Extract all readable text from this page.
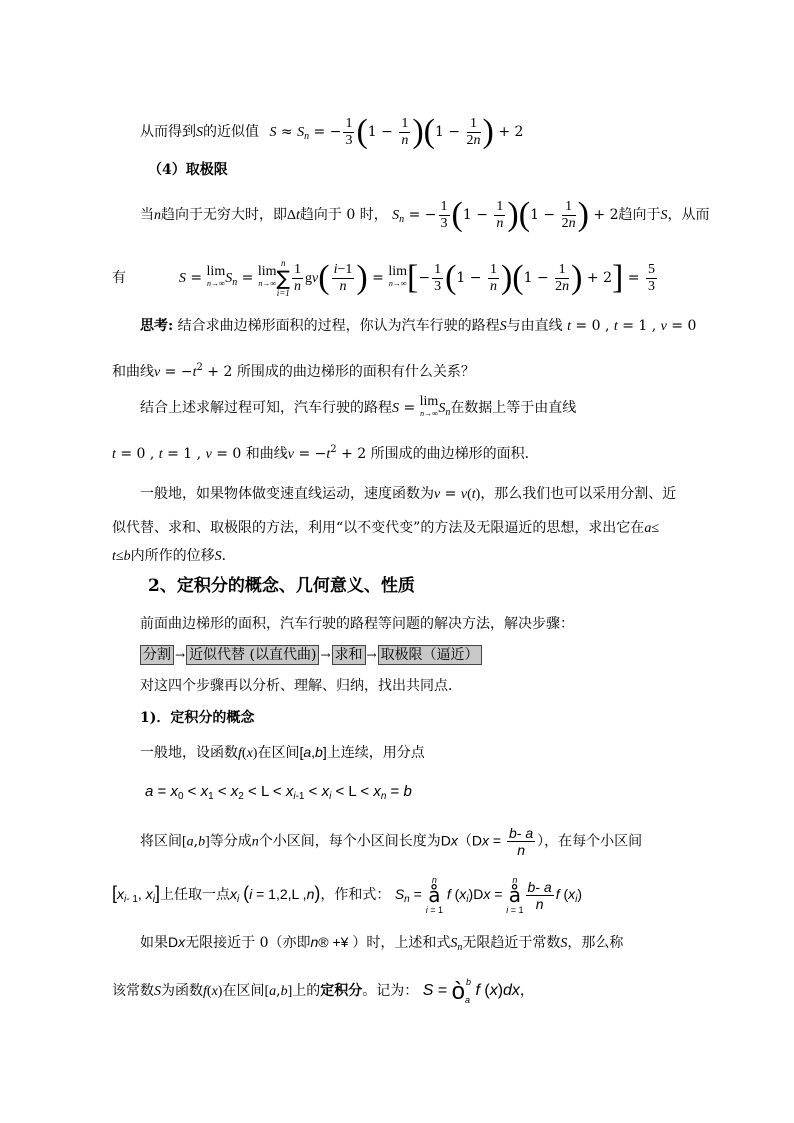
从而得到S的近似值 $S \approx S_n$ = − $\frac{1}{3} (1 - \frac{1}{n} )(1 - \frac{1}{2n}$ ) + 2
（4）取极限
当n趋向于无穷大时，即Δt趋向于 0 时， $S_n$ = − $\frac{1}{3} (1 - \frac{1}{n} )(1 - \frac{1}{2n}$ ) + 2趋向于S，从而
有	S = lim
n→∞ $S_n = \lim$
n→∞
n
∑
$i=1 \frac{1}{n} gv( \frac{i-1}{n}$ ) = lim
n→∞ [− $\frac{1}{3} (1 - \frac{1}{n} )(1 - \frac{1}{2n}$ ) + $2] = \frac{5}{3}$
思考: 结合求曲边梯形面积的过程，你认为汽车行驶的路程S与由直线 t = 0 , t = 1 , v = 0
和曲线$v = -t^2 + 2$ 所围成的曲边梯形的面积有什么关系？
结合上述求解过程可知，汽车行驶的路程S = lim
n→∞ $S_n$在数据上等于由直线
t = 0 , t = 1 , v = 0 和曲线$v = -t^2 + 2$ 所围成的曲边梯形的面积．
一般地，如果物体做变速直线运动，速度函数为v = v(t)，那么我们也可以采用分割、近
似代替、求和、取极限的方法，利用“以不变代变”的方法及无限逼近的思想，求出它在a≤
t≤b内所作的位移S．
2、定积分的概念、几何意义、性质
前面曲边梯形的面积，汽车行驶的路程等问题的解决方法，解决步骤：
分割 → 近似代替 (以直代曲) → 求和 → 取极限（逼近）
对这四个步骤再以分析、理解、归纳，找出共同点．
1)．定积分的概念
一般地，设函数f(x)在区间[a,b]上连续，用分点
$a = x_0 < x_1 < x_2 < L < x_{i-1} < x_i < L < x_n = b$
将区间[a,b]等分成n个小区间，每个小区间长度为$Dx(Dx = \frac{b- a}{n}$ ），在每个小区间
[$x_{i- 1}$, $x_i$]上任取一点$x_i$ (i = 1,2,L ,n)，作和式： $S_n$ =
n
å
i = 1
f $(x_i)Dx$ =
n
å
$i = 1 \frac{b- a}{n}$ f $(x_i)$
如果Dx无限接近于 0（亦即n® +¥ ）时，上述和式$S_n$无限趋近于常数S，那么称
该常数S为函数f(x)在区间[a,b]上的定积分。记为： $S = ò_a^b$ f (x)dx，
